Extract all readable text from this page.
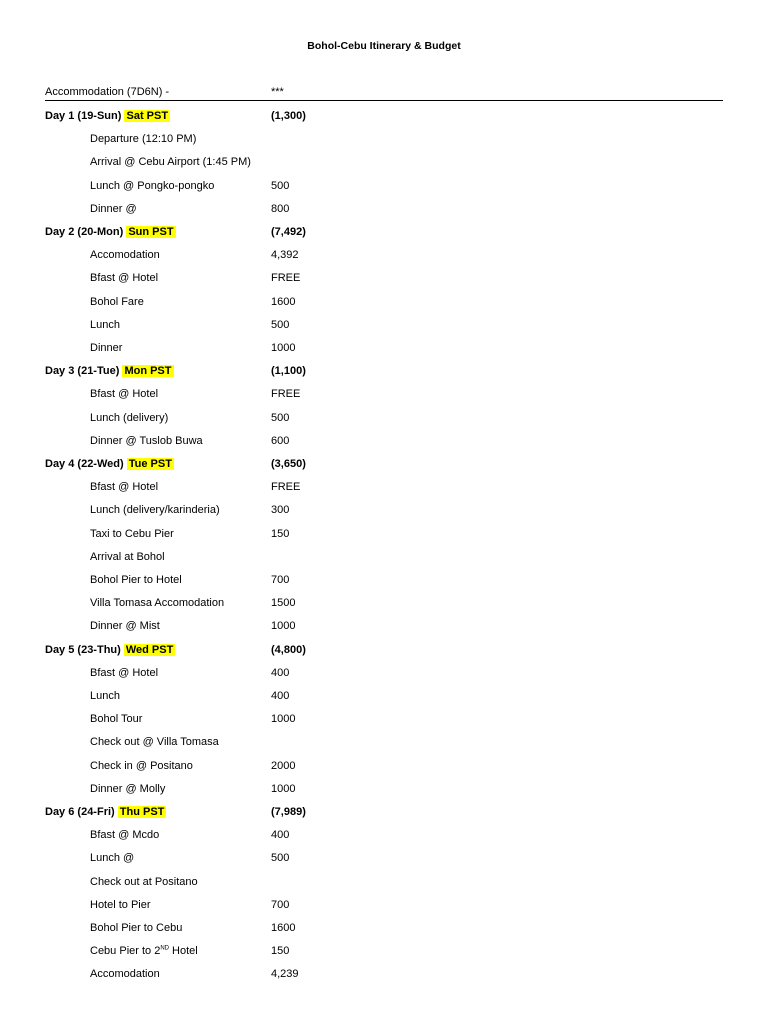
Bohol-Cebu Itinerary & Budget
Accommodation (7D6N) -	***
Day 1 (19-Sun) Sat PST	(1,300)
Departure (12:10 PM)
Arrival @ Cebu Airport (1:45 PM)
Lunch @ Pongko-pongko	500
Dinner @	800
Day 2 (20-Mon) Sun PST	(7,492)
Accomodation	4,392
Bfast @ Hotel	FREE
Bohol Fare	1600
Lunch	500
Dinner	1000
Day 3 (21-Tue) Mon PST	(1,100)
Bfast @ Hotel	FREE
Lunch (delivery)	500
Dinner @ Tuslob Buwa	600
Day 4 (22-Wed) Tue PST	(3,650)
Bfast @ Hotel	FREE
Lunch (delivery/karinderia)	300
Taxi to Cebu Pier	150
Arrival at Bohol
Bohol Pier to Hotel	700
Villa Tomasa Accomodation	1500
Dinner @ Mist	1000
Day 5 (23-Thu) Wed PST	(4,800)
Bfast @ Hotel	400
Lunch	400
Bohol Tour	1000
Check out @ Villa Tomasa
Check in @ Positano	2000
Dinner @ Molly	1000
Day 6 (24-Fri) Thu PST	(7,989)
Bfast @ Mcdo	400
Lunch @	500
Check out at Positano
Hotel to Pier	700
Bohol Pier to Cebu	1600
Cebu Pier to 2ND Hotel	150
Accomodation	4,239
